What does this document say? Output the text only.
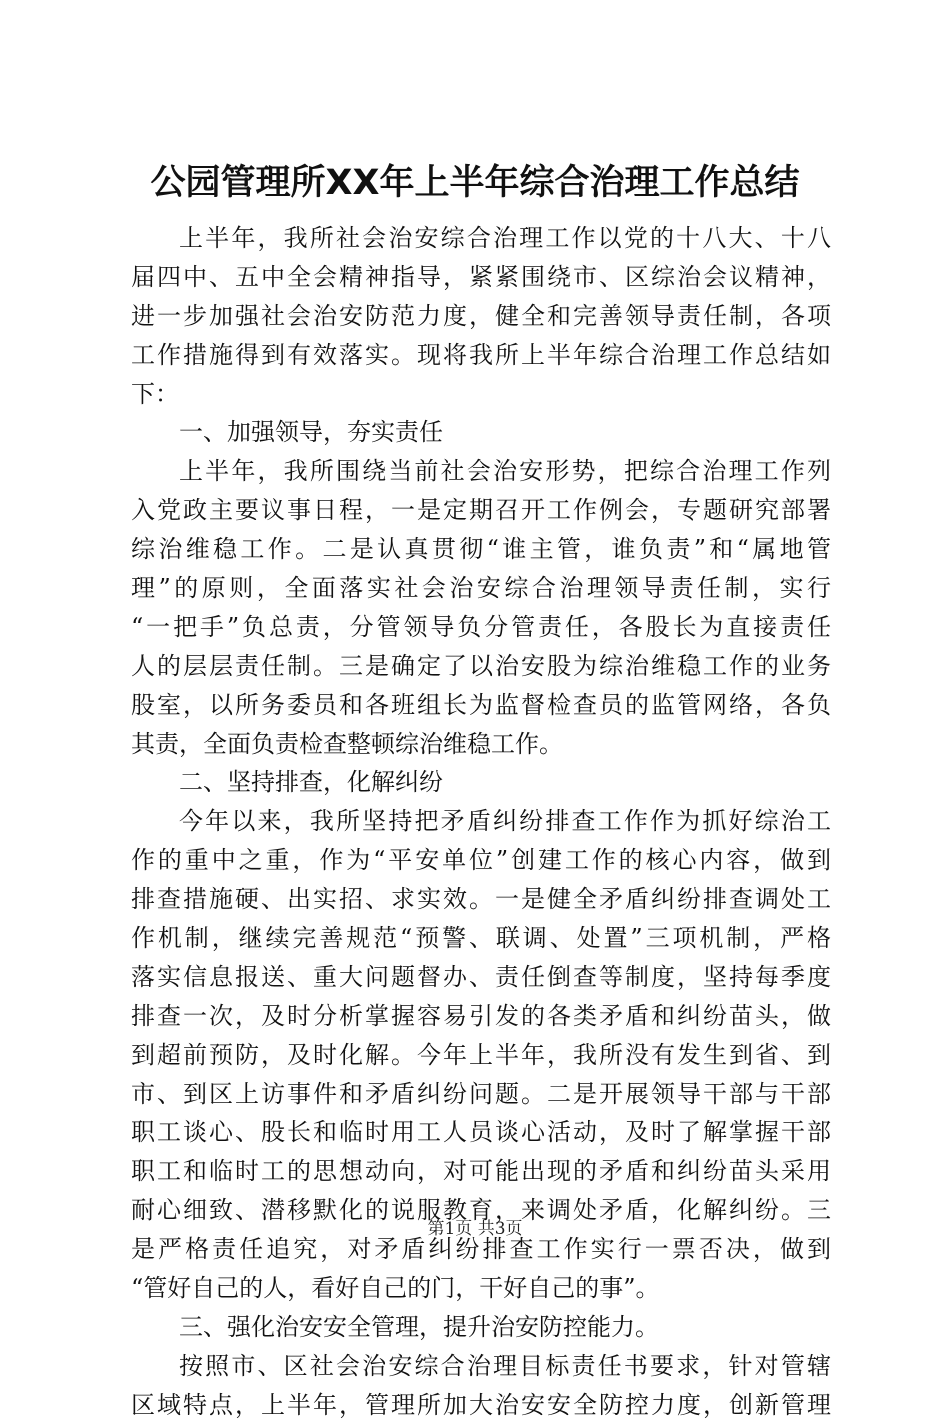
公园管理所XX年上半年综合治理工作总结
上半年，我所社会治安综合治理工作以党的十八大、十八
届四中、五中全会精神指导，紧紧围绕市、区综治会议精神，
进一步加强社会治安防范力度，健全和完善领导责任制，各项
工作措施得到有效落实。现将我所上半年综合治理工作总结如
下：
一、加强领导，夯实责任
上半年，我所围绕当前社会治安形势，把综合治理工作列
入党政主要议事日程，一是定期召开工作例会，专题研究部署
综治维稳工作。二是认真贯彻“谁主管，谁负责”和“属地管
理”的原则，全面落实社会治安综合治理领导责任制，实行
“一把手”负总责，分管领导负分管责任，各股长为直接责任
人的层层责任制。三是确定了以治安股为综治维稳工作的业务
股室，以所务委员和各班组长为监督检查员的监管网络，各负
其责，全面负责检查整顿综治维稳工作。
二、坚持排查，化解纠纷
今年以来，我所坚持把矛盾纠纷排查工作作为抓好综治工
作的重中之重，作为“平安单位”创建工作的核心内容，做到
排查措施硬、出实招、求实效。一是健全矛盾纠纷排查调处工
作机制，继续完善规范“预警、联调、处置”三项机制，严格
落实信息报送、重大问题督办、责任倒查等制度，坚持每季度
排查一次，及时分析掌握容易引发的各类矛盾和纠纷苗头，做
到超前预防，及时化解。今年上半年，我所没有发生到省、到
市、到区上访事件和矛盾纠纷问题。二是开展领导干部与干部
职工谈心、股长和临时用工人员谈心活动，及时了解掌握干部
职工和临时工的思想动向，对可能出现的矛盾和纠纷苗头采用
耐心细致、潜移默化的说服教育，来调处矛盾，化解纠纷。三
是严格责任追究，对矛盾纠纷排查工作实行一票否决，做到
“管好自己的人，看好自己的门，干好自己的事”。
三、强化治安安全管理，提升治安防控能力。
按照市、区社会治安综合治理目标责任书要求，针对管辖
区域特点，上半年，管理所加大治安安全防控力度，创新管理
第1页 共3页
